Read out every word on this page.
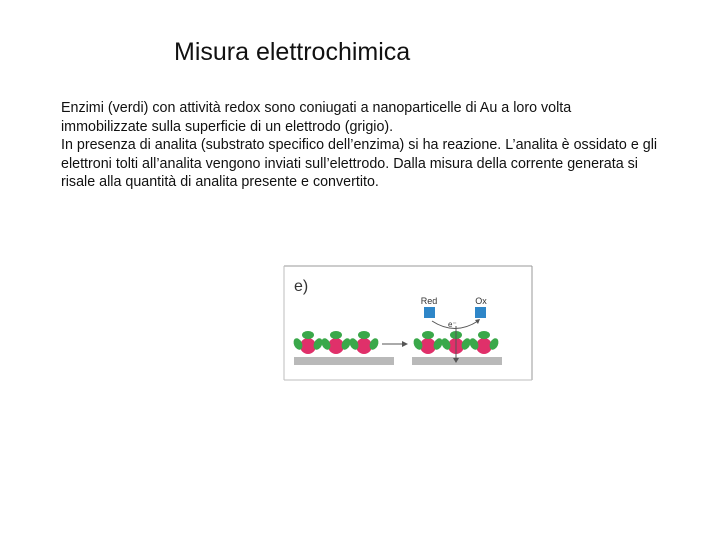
Misura elettrochimica

Enzimi (verdi) con attività redox sono coniugati a nanoparticelle di Au a loro volta immobilizzate sulla superficie di un elettrodo (grigio).

In presenza di analita (substrato specifico dell’enzima) si ha reazione. L’analita è ossidato e gli elettroni tolti all’analita vengono inviati sull’elettrodo. Dalla misura della corrente generata si risale alla quantità di analita presente e convertito.

e)
Red	Ox
e⁻
